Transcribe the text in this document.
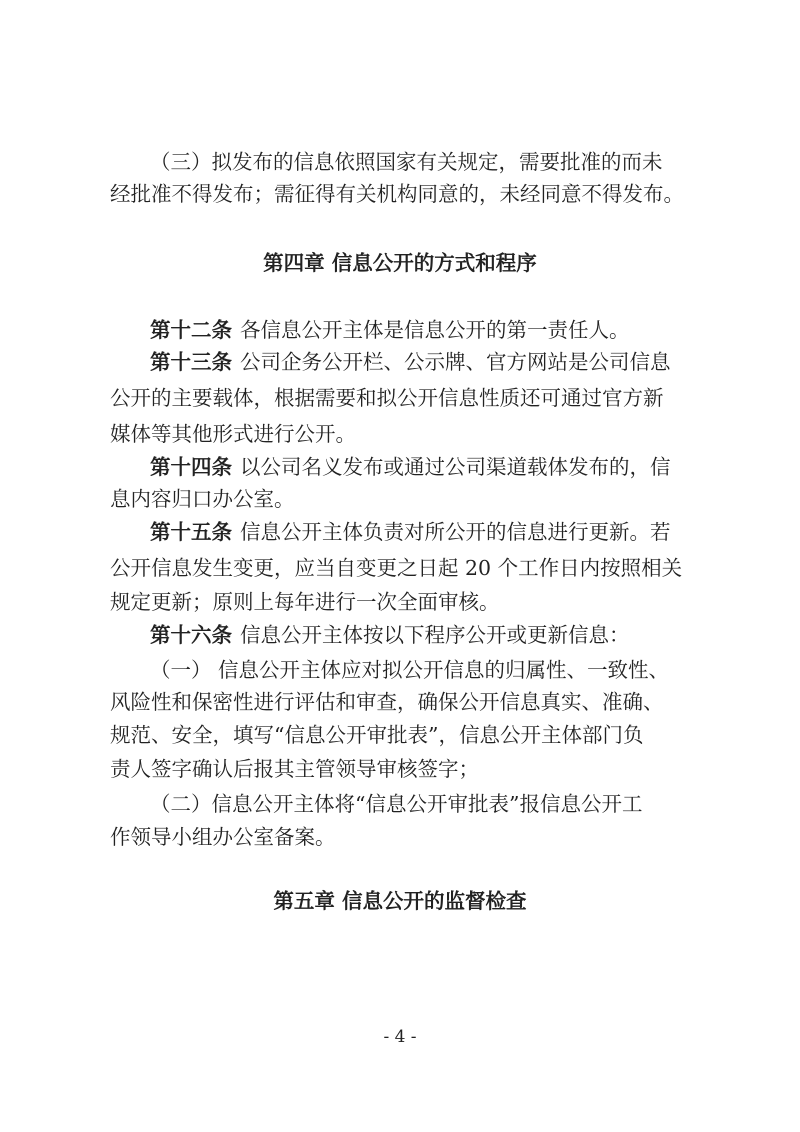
（三）拟发布的信息依照国家有关规定，需要批准的而未
经批准不得发布；需征得有关机构同意的，未经同意不得发布。
第四章 信息公开的方式和程序
第十二条 各信息公开主体是信息公开的第一责任人。
第十三条 公司企务公开栏、公示牌、官方网站是公司信息
公开的主要载体，根据需要和拟公开信息性质还可通过官方新
媒体等其他形式进行公开。
第十四条 以公司名义发布或通过公司渠道载体发布的，信
息内容归口办公室。
第十五条 信息公开主体负责对所公开的信息进行更新。若
公开信息发生变更，应当自变更之日起 20 个工作日内按照相关
规定更新；原则上每年进行一次全面审核。
第十六条 信息公开主体按以下程序公开或更新信息：
（一） 信息公开主体应对拟公开信息的归属性、一致性、
风险性和保密性进行评估和审查，确保公开信息真实、准确、
规范、安全，填写“信息公开审批表”，信息公开主体部门负
责人签字确认后报其主管领导审核签字；
（二）信息公开主体将“信息公开审批表”报信息公开工
作领导小组办公室备案。
第五章 信息公开的监督检查
- 4 -
